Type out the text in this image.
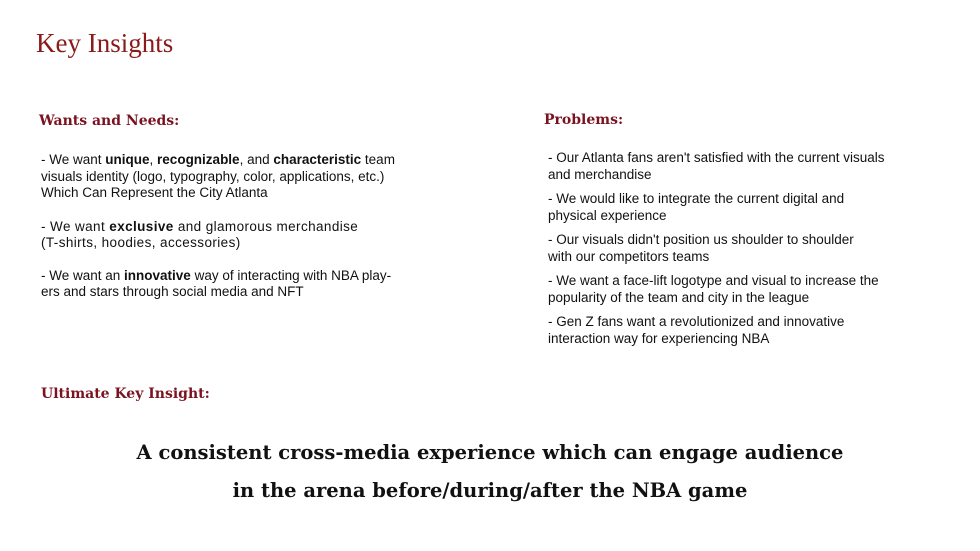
Key Insights
Wants and Needs:

- We want unique, recognizable, and characteristic team
visuals identity (logo, typography, color, applications, etc.)
Which Can Represent the City Atlanta

- We want exclusive and glamorous merchandise
(T-shirts, hoodies, accessories)

- We want an innovative way of interacting with NBA play-
ers and stars through social media and NFT

Problems:

- Our Atlanta fans aren't satisfied with the current visuals
and merchandise

- We would like to integrate the current digital and
physical experience

- Our visuals didn't position us shoulder to shoulder
with our competitors teams

- We want a face-lift logotype and visual to increase the
popularity of the team and city in the league

- Gen Z fans want a revolutionized and innovative
interaction way for experiencing NBA

Ultimate Key Insight:
A consistent cross-media experience which can engage audience
in the arena before/during/after the NBA game
